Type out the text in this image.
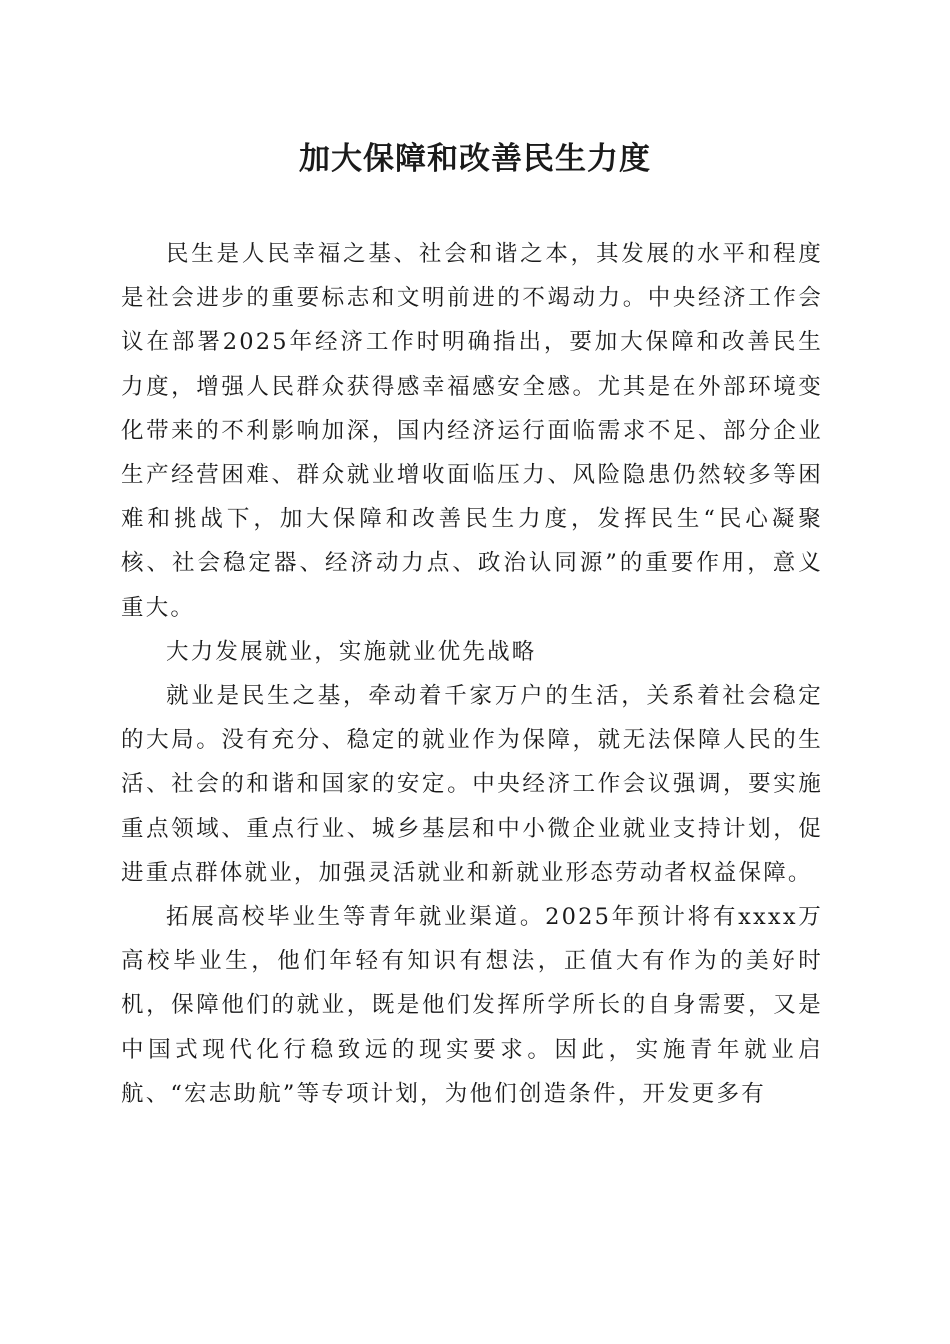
加大保障和改善民生力度

民生是人民幸福之基、社会和谐之本，其发展的水平和程度是社会进步的重要标志和文明前进的不竭动力。中央经济工作会议在部署2025年经济工作时明确指出，要加大保障和改善民生力度，增强人民群众获得感幸福感安全感。尤其是在外部环境变化带来的不利影响加深，国内经济运行面临需求不足、部分企业生产经营困难、群众就业增收面临压力、风险隐患仍然较多等困难和挑战下，加大保障和改善民生力度，发挥民生“民心凝聚核、社会稳定器、经济动力点、政治认同源”的重要作用，意义重大。

大力发展就业，实施就业优先战略

就业是民生之基，牵动着千家万户的生活，关系着社会稳定的大局。没有充分、稳定的就业作为保障，就无法保障人民的生活、社会的和谐和国家的安定。中央经济工作会议强调，要实施重点领域、重点行业、城乡基层和中小微企业就业支持计划，促进重点群体就业，加强灵活就业和新就业形态劳动者权益保障。

拓展高校毕业生等青年就业渠道。2025年预计将有xxxx万高校毕业生，他们年轻有知识有想法，正值大有作为的美好时机，保障他们的就业，既是他们发挥所学所长的自身需要，又是中国式现代化行稳致远的现实要求。因此，实施青年就业启航、“宏志助航”等专项计划，为他们创造条件，开发更多有
